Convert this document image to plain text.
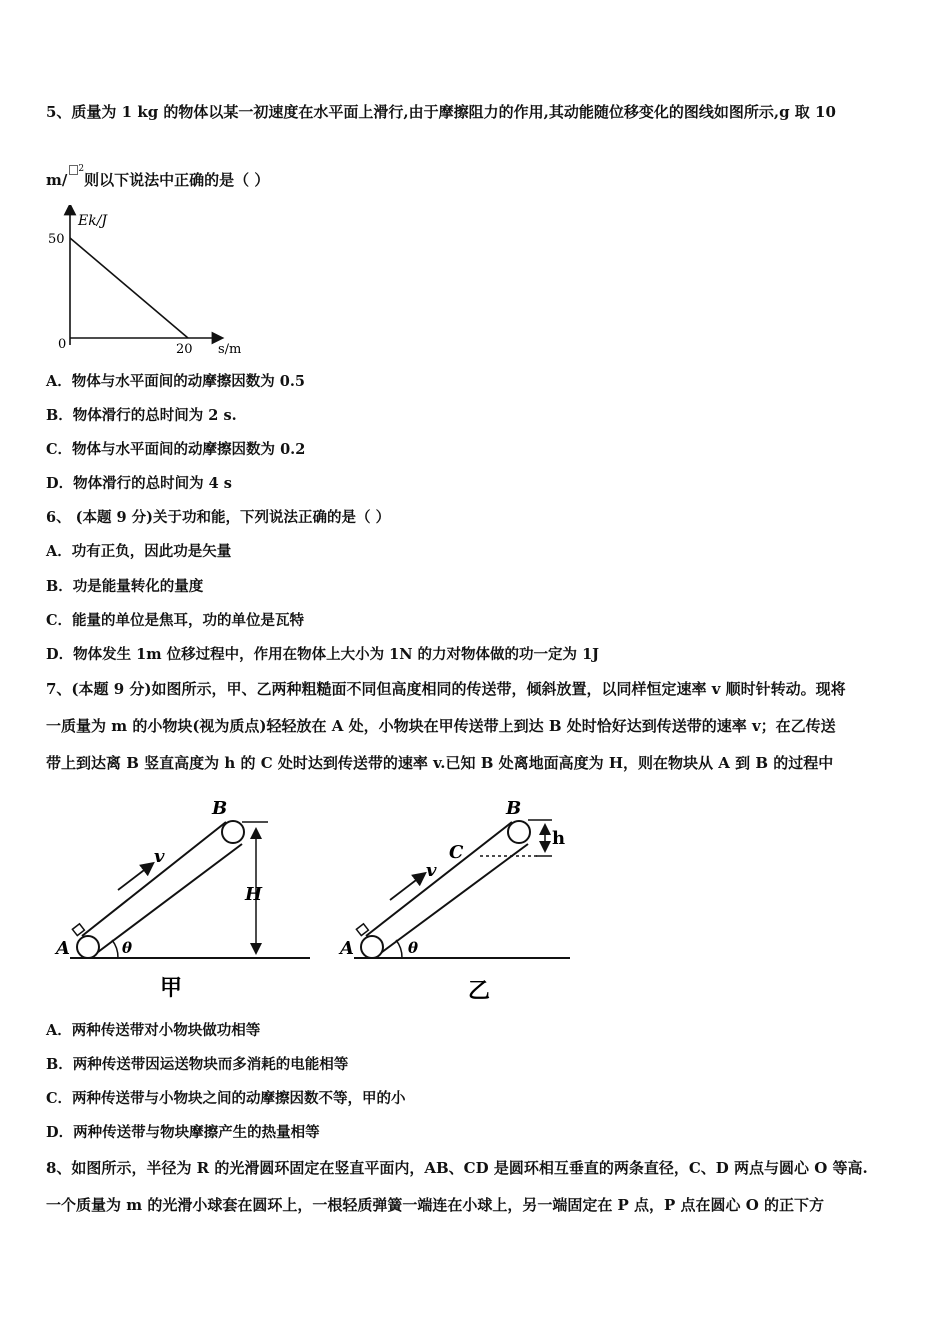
5、质量为 1 kg 的物体以某一初速度在水平面上滑行,由于摩擦阻力的作用,其动能随位移变化的图线如图所示,g 取 10
m/$^2$则以下说法中正确的是（ ）
Ek/J
50
0	20 s/m
A．物体与水平面间的动摩擦因数为 0.5
B．物体滑行的总时间为 2 s.
C．物体与水平面间的动摩擦因数为 0.2
D．物体滑行的总时间为 4 s
6、 (本题 9 分)关于功和能，下列说法正确的是（ ）
A．功有正负，因此功是矢量
B．功是能量转化的量度
C．能量的单位是焦耳，功的单位是瓦特
D．物体发生 1m 位移过程中，作用在物体上大小为 1N 的力对物体做的功一定为 1J
7、(本题 9 分)如图所示，甲、乙两种粗糙面不同但高度相同的传送带，倾斜放置，以同样恒定速率 v 顺时针转动。现将
一质量为 m 的小物块(视为质点)轻轻放在 A 处，小物块在甲传送带上到达 B 处时恰好达到传送带的速率 v；在乙传送
带上到达离 B 竖直高度为 h 的 C 处时达到传送带的速率 v.已知 B 处离地面高度为 H，则在物块从 A 到 B 的过程中
A
B
v
H
θ
甲
A
B
C
v
h
θ
乙
A．两种传送带对小物块做功相等
B．两种传送带因运送物块而多消耗的电能相等
C．两种传送带与小物块之间的动摩擦因数不等，甲的小
D．两种传送带与物块摩擦产生的热量相等
8、如图所示，半径为 R 的光滑圆环固定在竖直平面内，AB、CD 是圆环相互垂直的两条直径，C、D 两点与圆心 O 等高.
一个质量为 m 的光滑小球套在圆环上，一根轻质弹簧一端连在小球上，另一端固定在 P 点，P 点在圆心 O 的正下方
